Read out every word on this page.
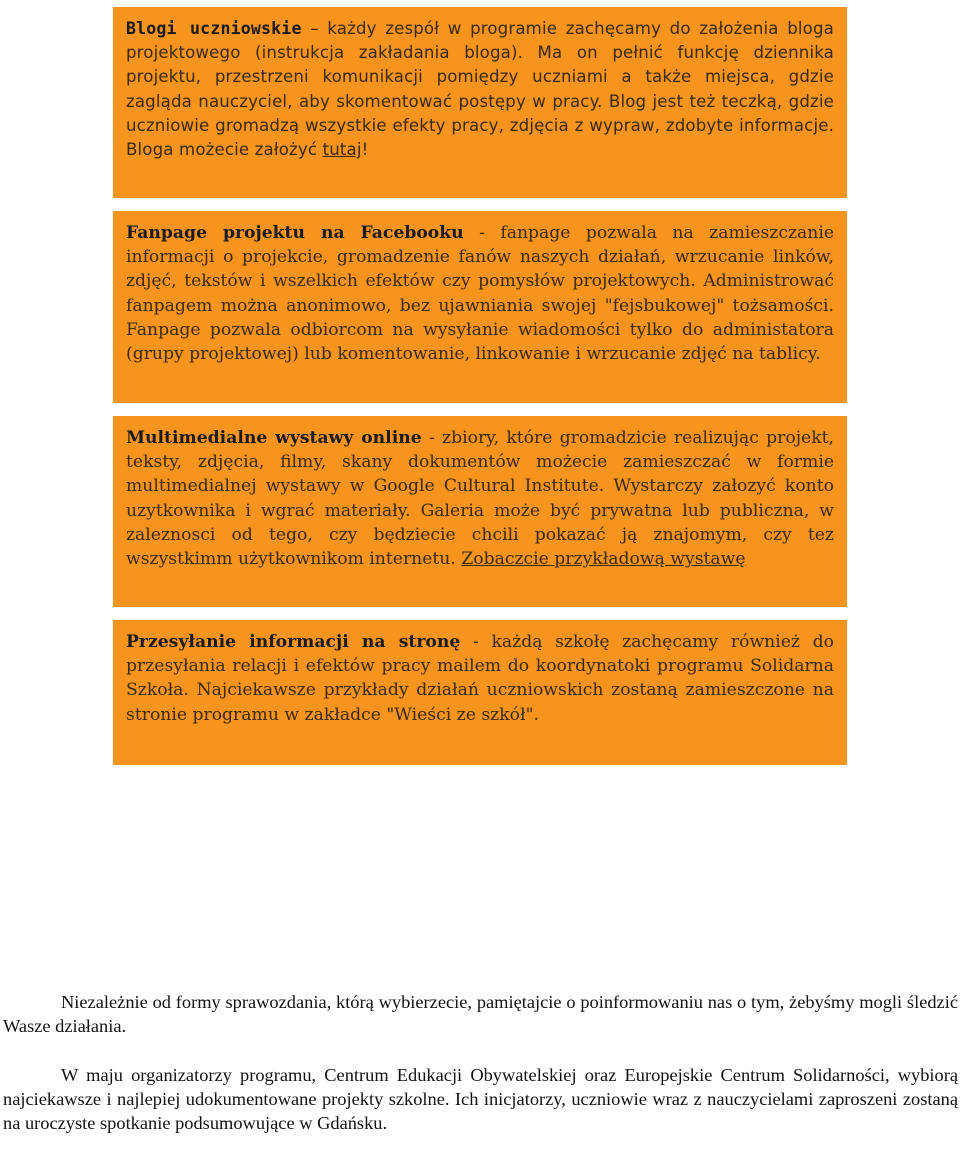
Blogi uczniowskie – każdy zespół w programie zachęcamy do założenia bloga projektowego (instrukcja zakładania bloga). Ma on pełnić funkcję dziennika projektu, przestrzeni komunikacji pomiędzy uczniami a także miejsca, gdzie zagląda nauczyciel, aby skomentować postępy w pracy. Blog jest też teczką, gdzie uczniowie gromadzą wszystkie efekty pracy, zdjęcia z wypraw, zdobyte informacje. Bloga możecie założyć tutaj!

Fanpage projektu na Facebooku - fanpage pozwala na zamieszczanie informacji o projekcie, gromadzenie fanów naszych działań, wrzucanie linków, zdjęć, tekstów i wszelkich efektów czy pomysłów projektowych. Administrować fanpagem można anonimowo, bez ujawniania swojej "fejsbukowej" tożsamości. Fanpage pozwala odbiorcom na wysyłanie wiadomości tylko do administatora (grupy projektowej) lub komentowanie, linkowanie i wrzucanie zdjęć na tablicy.

Multimedialne wystawy online - zbiory, które gromadzicie realizując projekt, teksty, zdjęcia, filmy, skany dokumentów możecie zamieszczać w formie multimedialnej wystawy w Google Cultural Institute. Wystarczy załozyć konto uzytkownika i wgrać materiały. Galeria może być prywatna lub publiczna, w zaleznosci od tego, czy będziecie chcili pokazać ją znajomym, czy tez wszystkimm użytkownikom internetu. Zobaczcie przykładową wystawę

Przesyłanie informacji na stronę - każdą szkołę zachęcamy również do przesyłania relacji i efektów pracy mailem do koordynatoki programu Solidarna Szkoła. Najciekawsze przykłady działań uczniowskich zostaną zamieszczone na stronie programu w zakładce "Wieści ze szkół".

Niezależnie od formy sprawozdania, którą wybierzecie, pamiętajcie o poinformowaniu nas o tym, żebyśmy mogli śledzić Wasze działania.

W maju organizatorzy programu, Centrum Edukacji Obywatelskiej oraz Europejskie Centrum Solidarności, wybiorą najciekawsze i najlepiej udokumentowane projekty szkolne. Ich inicjatorzy, uczniowie wraz z nauczycielami zaproszeni zostaną na uroczyste spotkanie podsumowujące w Gdańsku.
